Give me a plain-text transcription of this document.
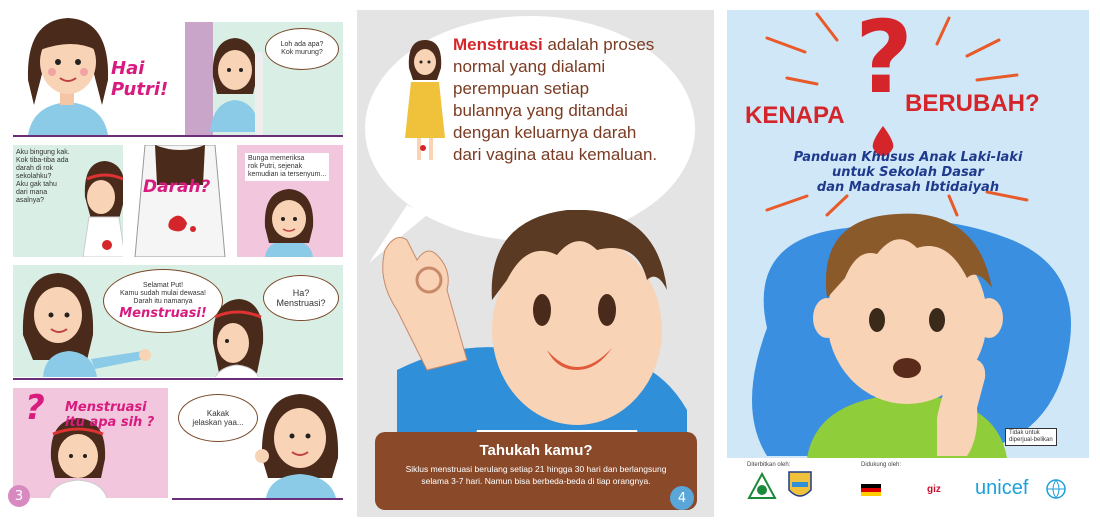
Hai Putri!
Loh ada apa?
Kok murung?
Aku bingung kak.
Kok tiba-tiba ada
darah di rok
sekolahku?
Aku gak tahu
dari mana
asalnya?
Darah?
Bunga memeriksa
rok Putri, sejenak
kemudian ia tersenyum...
Selamat Put!
Kamu sudah mulai dewasa!
Darah itu namanya
Menstruasi!
Ha?
Menstruasi?
? Menstruasi
itu apa sih ?
Kakak
jelaskan yaa...
3
Menstruasi adalah proses normal yang dialami perempuan setiap bulannya yang ditandai dengan keluarnya darah dari vagina atau kemaluan.
Tahukah kamu?
Siklus menstruasi berulang setiap 21 hingga 30 hari dan berlangsung selama 3-7 hari. Namun bisa berbeda-beda di tiap orangnya.
4
?
KENAPA	BERUBAH?
Panduan Khusus Anak Laki-laki
untuk Sekolah Dasar
dan Madrasah Ibtidaiyah
Tidak untuk
diperjual-belikan
Diterbitkan oleh:	Didukung oleh:
giz unicef
